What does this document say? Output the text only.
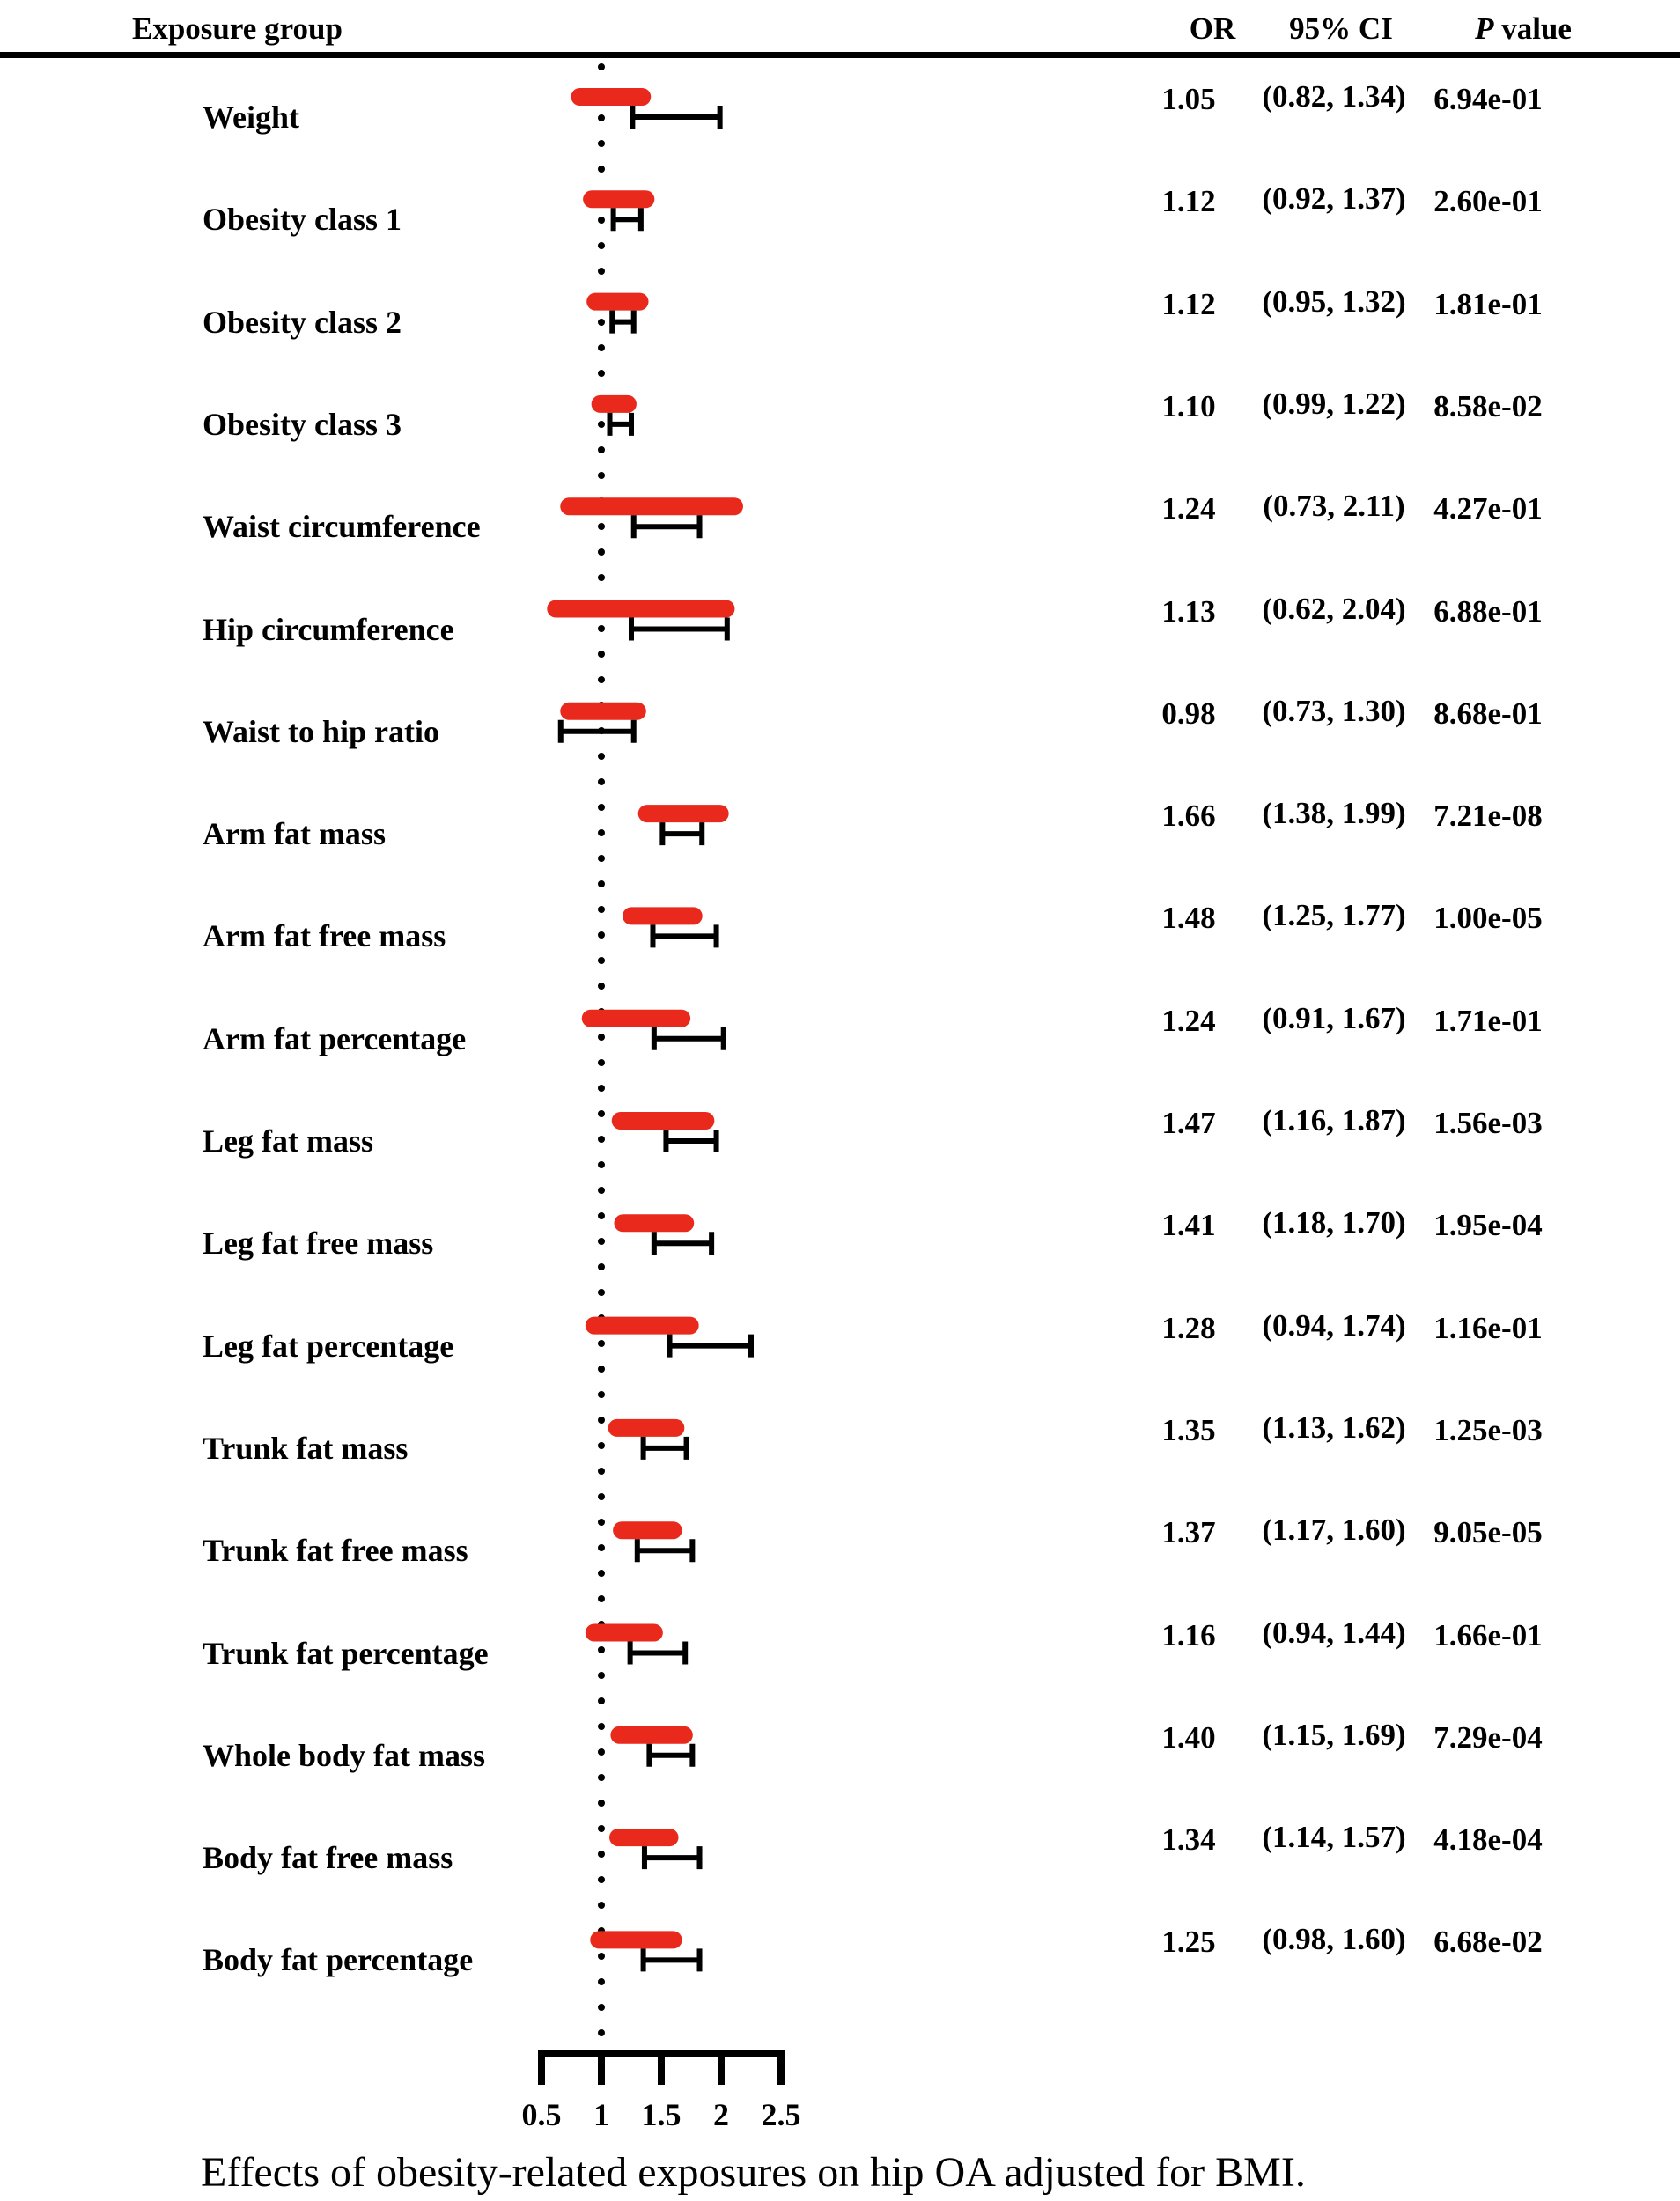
Exposure group	OR 95% CI	P value
Weight
1.05 (0.82, 1.34) 6.94e-01
Obesity class 1
1.12 (0.92, 1.37) 2.60e-01
Obesity class 2
1.12 (0.95, 1.32) 1.81e-01
Obesity class 3
1.10 (0.99, 1.22) 8.58e-02
Waist circumference
1.24 (0.73, 2.11) 4.27e-01
Hip circumference
1.13 (0.62, 2.04) 6.88e-01
Waist to hip ratio
0.98 (0.73, 1.30) 8.68e-01
Arm fat mass
1.66 (1.38, 1.99) 7.21e-08
Arm fat free mass
1.48 (1.25, 1.77) 1.00e-05
Arm fat percentage
1.24 (0.91, 1.67) 1.71e-01
Leg fat mass
1.47 (1.16, 1.87) 1.56e-03
Leg fat free mass
1.41 (1.18, 1.70) 1.95e-04
Leg fat percentage
1.28 (0.94, 1.74) 1.16e-01
Trunk fat mass
1.35 (1.13, 1.62) 1.25e-03
Trunk fat free mass
1.37 (1.17, 1.60) 9.05e-05
Trunk fat percentage
1.16 (0.94, 1.44) 1.66e-01
Whole body fat mass
1.40 (1.15, 1.69) 7.29e-04
Body fat free mass
1.34 (1.14, 1.57) 4.18e-04
Body fat percentage
1.25 (0.98, 1.60) 6.68e-02
0.5 1 1.5 2 2.5
Effects of obesity-related exposures on hip OA adjusted for BMI.
